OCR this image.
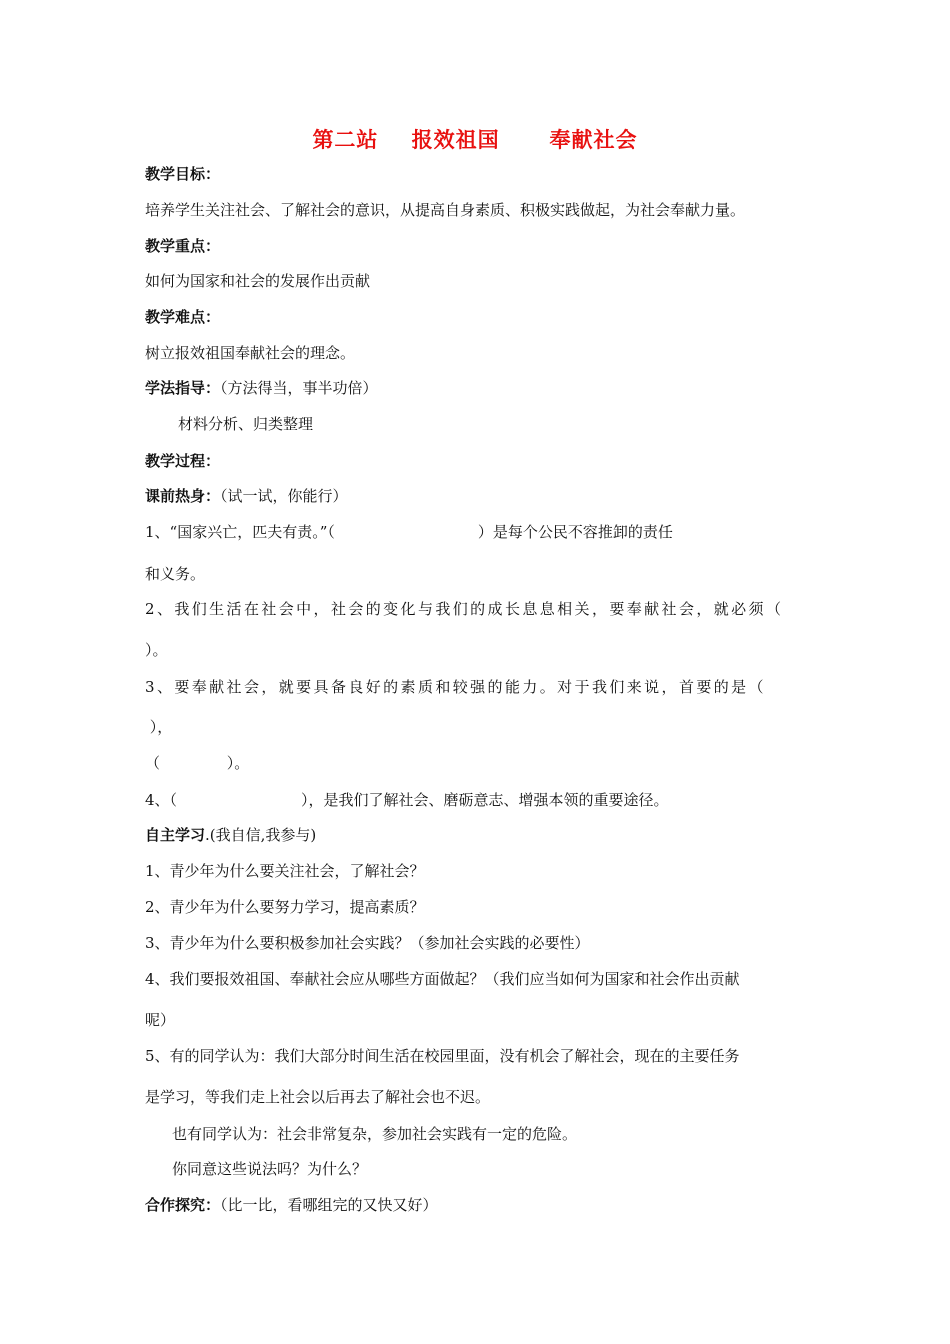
第二站    报效祖国      奉献社会
教学目标：
培养学生关注社会、了解社会的意识，从提高自身素质、积极实践做起，为社会奉献力量。
教学重点：
如何为国家和社会的发展作出贡献
教学难点：
树立报效祖国奉献社会的理念。
学法指导：（方法得当，事半功倍）
材料分析、归类整理
教学过程：
课前热身：（试一试，你能行）
1、“国家兴亡，匹夫有责。”（                              ）是每个公民不容推卸的责任
和义务。
2、我们生活在社会中，社会的变化与我们的成长息息相关，要奉献社会，就必须（
）。
3、要奉献社会，就要具备良好的素质和较强的能力。对于我们来说，首要的是（
），
（              ）。
4、（                          ），是我们了解社会、磨砺意志、增强本领的重要途径。
自主学习.(我自信,我参与)
1、青少年为什么要关注社会，了解社会？
2、青少年为什么要努力学习，提高素质？
3、青少年为什么要积极参加社会实践？（参加社会实践的必要性）
4、我们要报效祖国、奉献社会应从哪些方面做起？（我们应当如何为国家和社会作出贡献
呢）
5、有的同学认为：我们大部分时间生活在校园里面，没有机会了解社会，现在的主要任务
是学习，等我们走上社会以后再去了解社会也不迟。
也有同学认为：社会非常复杂，参加社会实践有一定的危险。
你同意这些说法吗？为什么？
合作探究：（比一比，看哪组完的又快又好）
